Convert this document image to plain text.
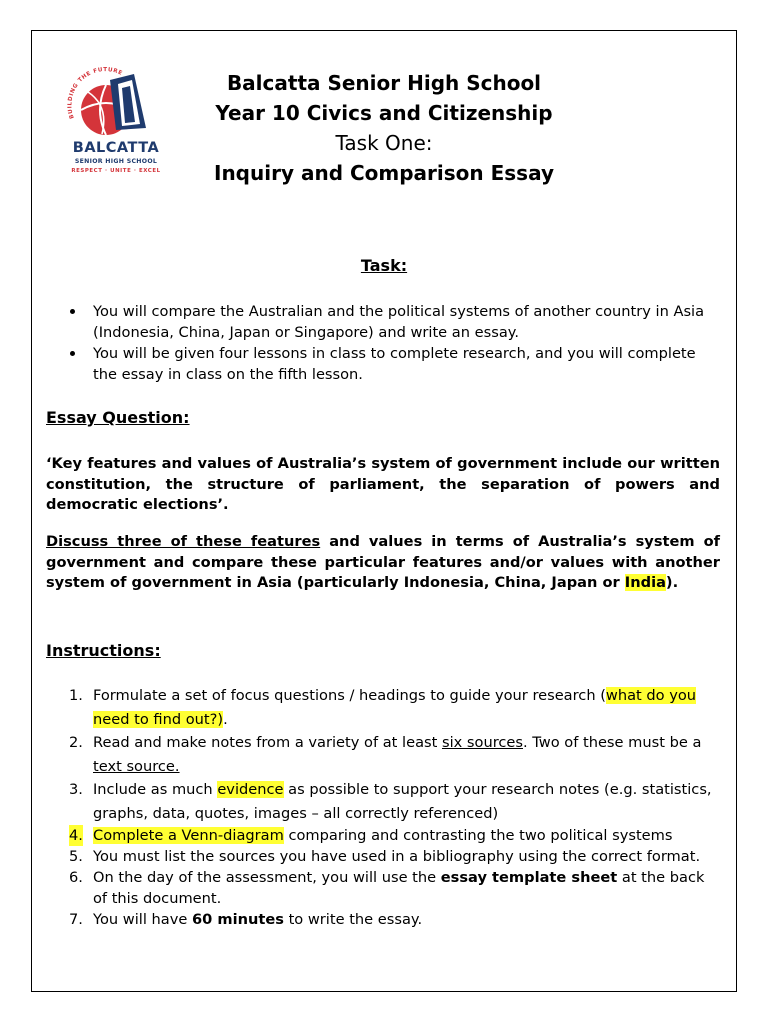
BUILDING THE FUTURE
BALCATTA
SENIOR HIGH SCHOOL
RESPECT · UNITE · EXCEL
Balcatta Senior High School
Year 10 Civics and Citizenship
Task One:
Inquiry and Comparison Essay
Task:
You will compare the Australian and the political systems of another country in Asia (Indonesia, China, Japan or Singapore) and write an essay.
You will be given four lessons in class to complete research, and you will complete the essay in class on the fifth lesson.
Essay Question:
‘Key features and values of Australia’s system of government include our written constitution, the structure of parliament, the separation of powers and democratic elections’.
Discuss three of these features and values in terms of Australia’s system of government and compare these particular features and/or values with another system of government in Asia (particularly Indonesia, China, Japan or India).
Instructions:
1. Formulate a set of focus questions / headings to guide your research (what do you need to find out?).
2. Read and make notes from a variety of at least six sources. Two of these must be a text source.
3. Include as much evidence as possible to support your research notes (e.g. statistics, graphs, data, quotes, images – all correctly referenced)
4. Complete a Venn-diagram comparing and contrasting the two political systems
5. You must list the sources you have used in a bibliography using the correct format.
6. On the day of the assessment, you will use the essay template sheet at the back of this document.
7. You will have 60 minutes to write the essay.
